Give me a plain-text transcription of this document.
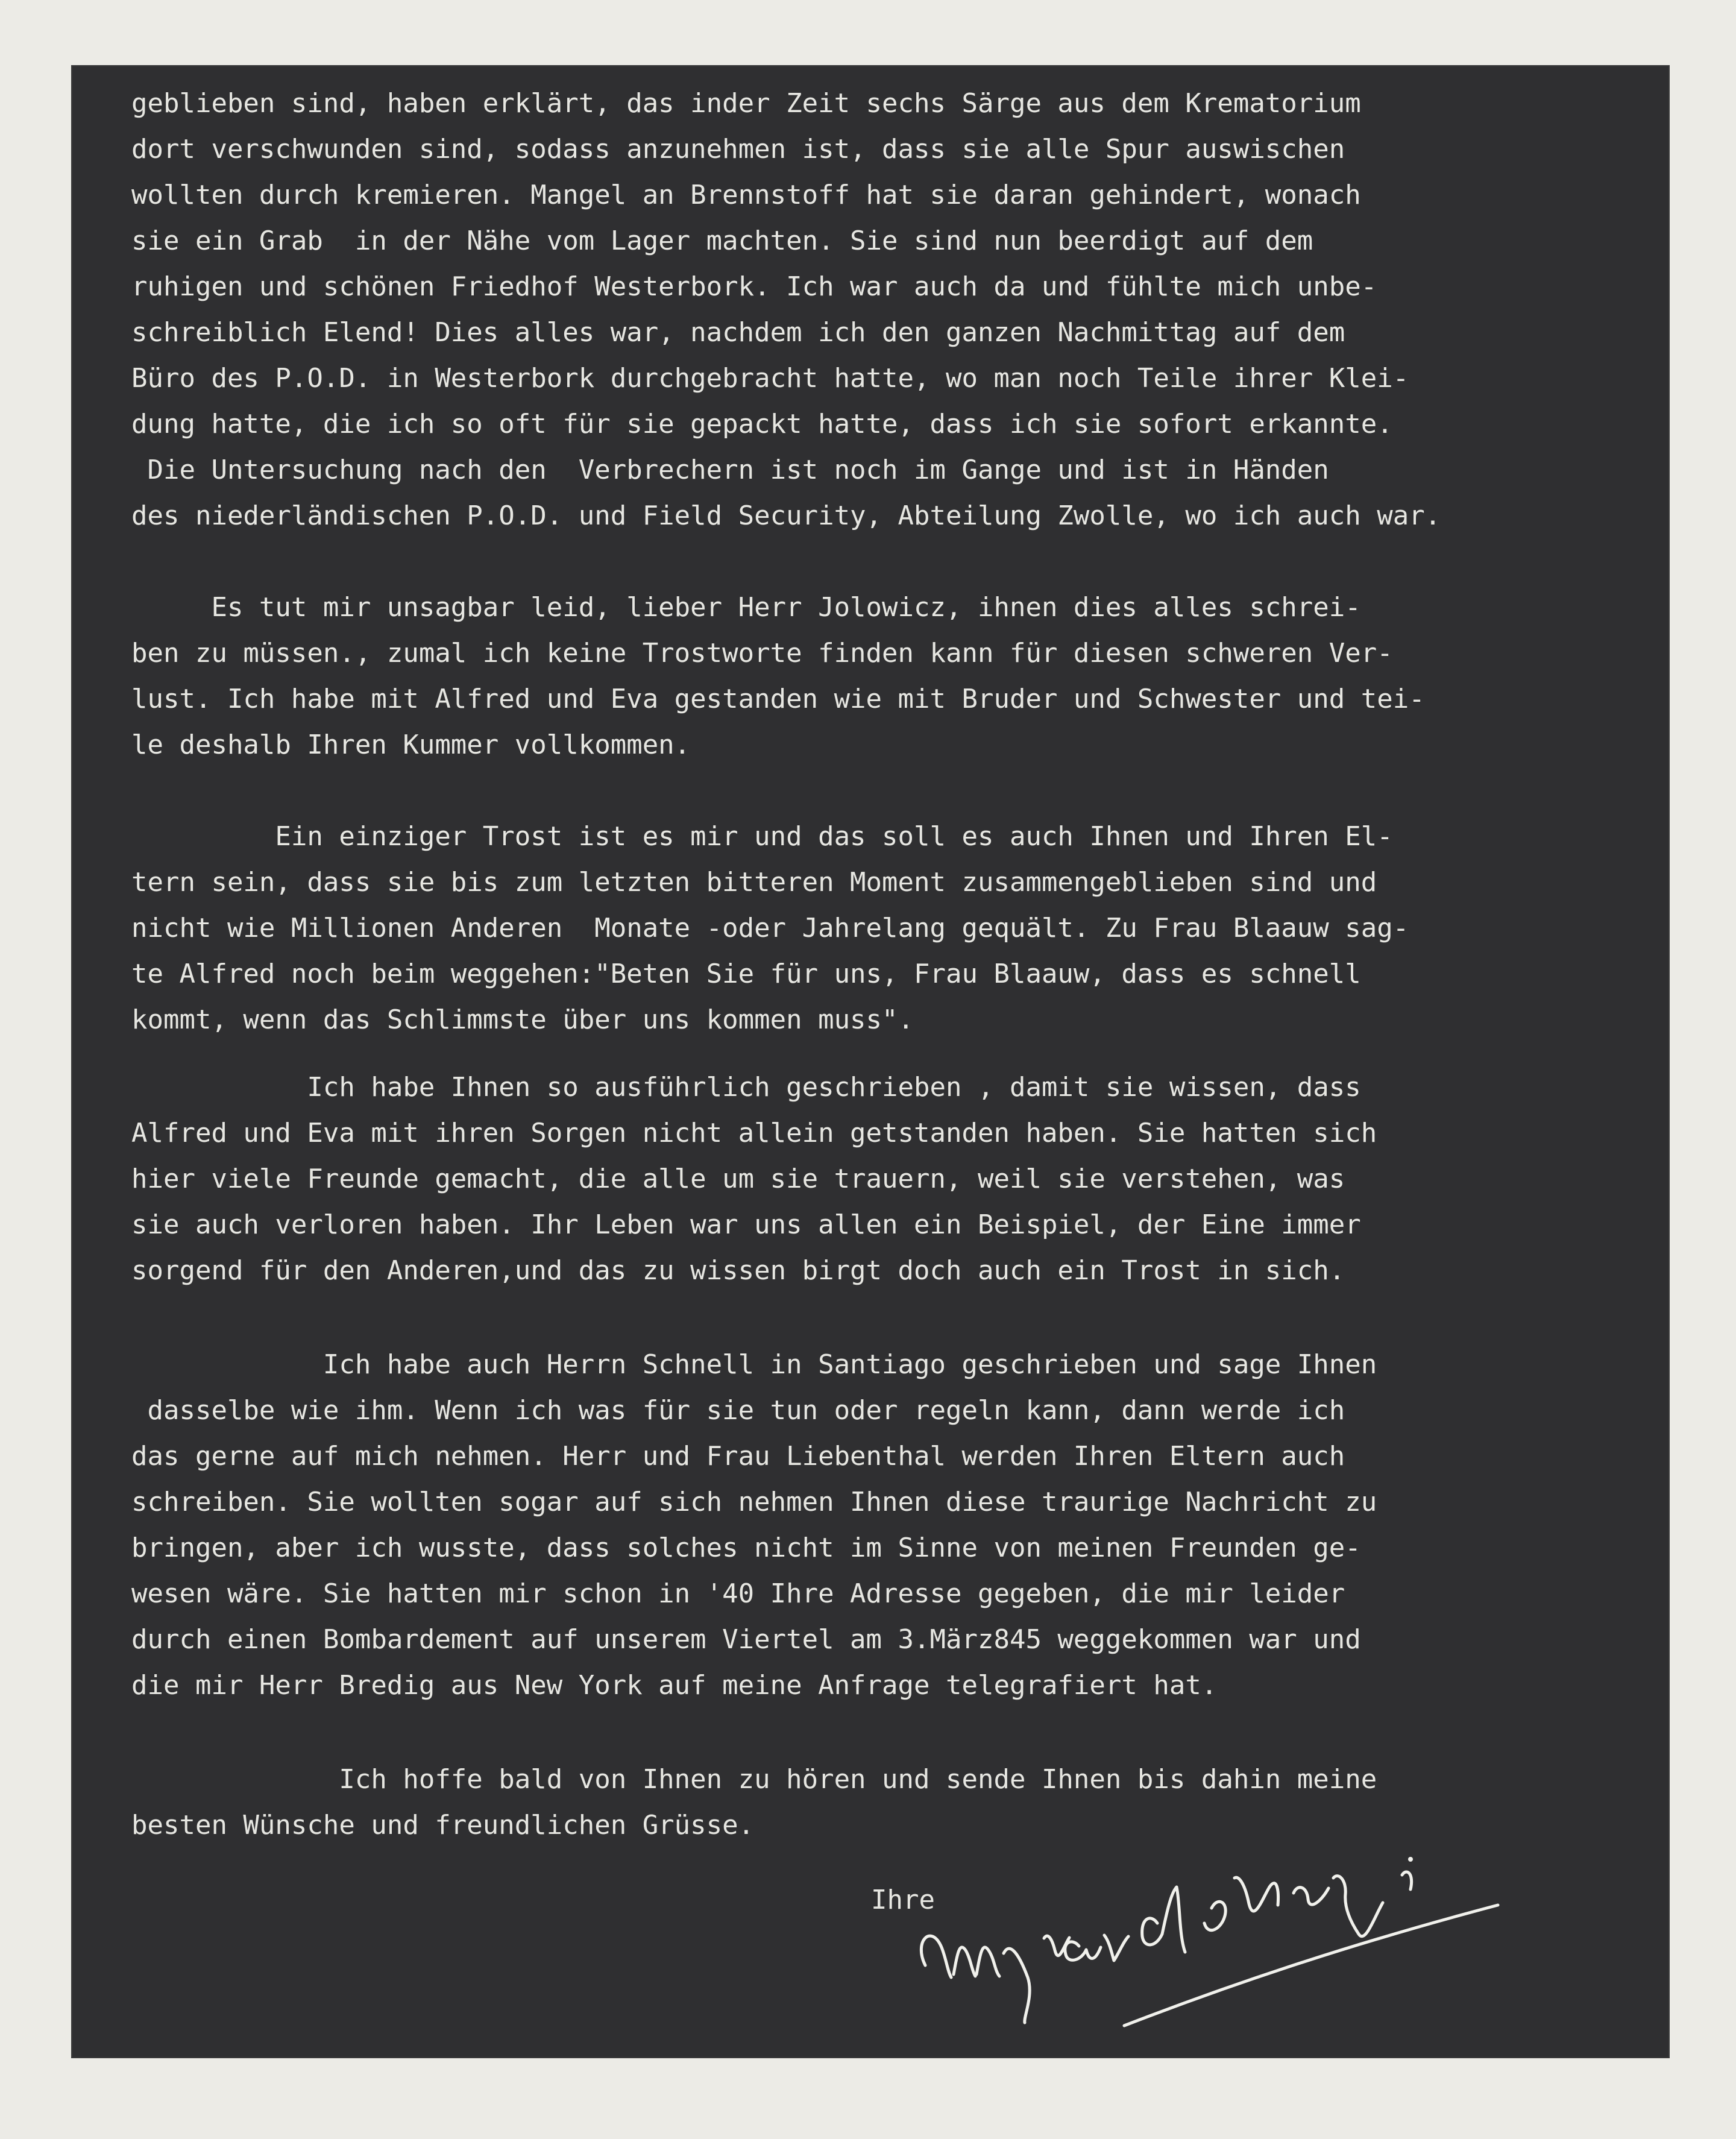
geblieben sind, haben erklärt, das inder Zeit sechs Särge aus dem Krematorium
dort verschwunden sind, sodass anzunehmen ist, dass sie alle Spur auswischen
wollten durch kremieren. Mangel an Brennstoff hat sie daran gehindert, wonach
sie ein Grab  in der Nähe vom Lager machten. Sie sind nun beerdigt auf dem
ruhigen und schönen Friedhof Westerbork. Ich war auch da und fühlte mich unbe-
schreiblich Elend! Dies alles war, nachdem ich den ganzen Nachmittag auf dem
Büro des P.O.D. in Westerbork durchgebracht hatte, wo man noch Teile ihrer Klei-
dung hatte, die ich so oft für sie gepackt hatte, dass ich sie sofort erkannte.
Die Untersuchung nach den  Verbrechern ist noch im Gange und ist in Händen
des niederländischen P.O.D. und Field Security, Abteilung Zwolle, wo ich auch war.
Es tut mir unsagbar leid, lieber Herr Jolowicz, ihnen dies alles schrei-
ben zu müssen., zumal ich keine Trostworte finden kann für diesen schweren Ver-
lust. Ich habe mit Alfred und Eva gestanden wie mit Bruder und Schwester und tei-
le deshalb Ihren Kummer vollkommen.
Ein einziger Trost ist es mir und das soll es auch Ihnen und Ihren El-
tern sein, dass sie bis zum letzten bitteren Moment zusammengeblieben sind und
nicht wie Millionen Anderen  Monate -oder Jahrelang gequält. Zu Frau Blaauw sag-
te Alfred noch beim weggehen:"Beten Sie für uns, Frau Blaauw, dass es schnell
kommt, wenn das Schlimmste über uns kommen muss".
Ich habe Ihnen so ausführlich geschrieben , damit sie wissen, dass
Alfred und Eva mit ihren Sorgen nicht allein getstanden haben. Sie hatten sich
hier viele Freunde gemacht, die alle um sie trauern, weil sie verstehen, was
sie auch verloren haben. Ihr Leben war uns allen ein Beispiel, der Eine immer
sorgend für den Anderen,und das zu wissen birgt doch auch ein Trost in sich.
Ich habe auch Herrn Schnell in Santiago geschrieben und sage Ihnen
dasselbe wie ihm. Wenn ich was für sie tun oder regeln kann, dann werde ich
das gerne auf mich nehmen. Herr und Frau Liebenthal werden Ihren Eltern auch
schreiben. Sie wollten sogar auf sich nehmen Ihnen diese traurige Nachricht zu
bringen, aber ich wusste, dass solches nicht im Sinne von meinen Freunden ge-
wesen wäre. Sie hatten mir schon in '40 Ihre Adresse gegeben, die mir leider
durch einen Bombardement auf unserem Viertel am 3.März845 weggekommen war und
die mir Herr Bredig aus New York auf meine Anfrage telegrafiert hat.
Ich hoffe bald von Ihnen zu hören und sende Ihnen bis dahin meine
besten Wünsche und freundlichen Grüsse.
Ihre
